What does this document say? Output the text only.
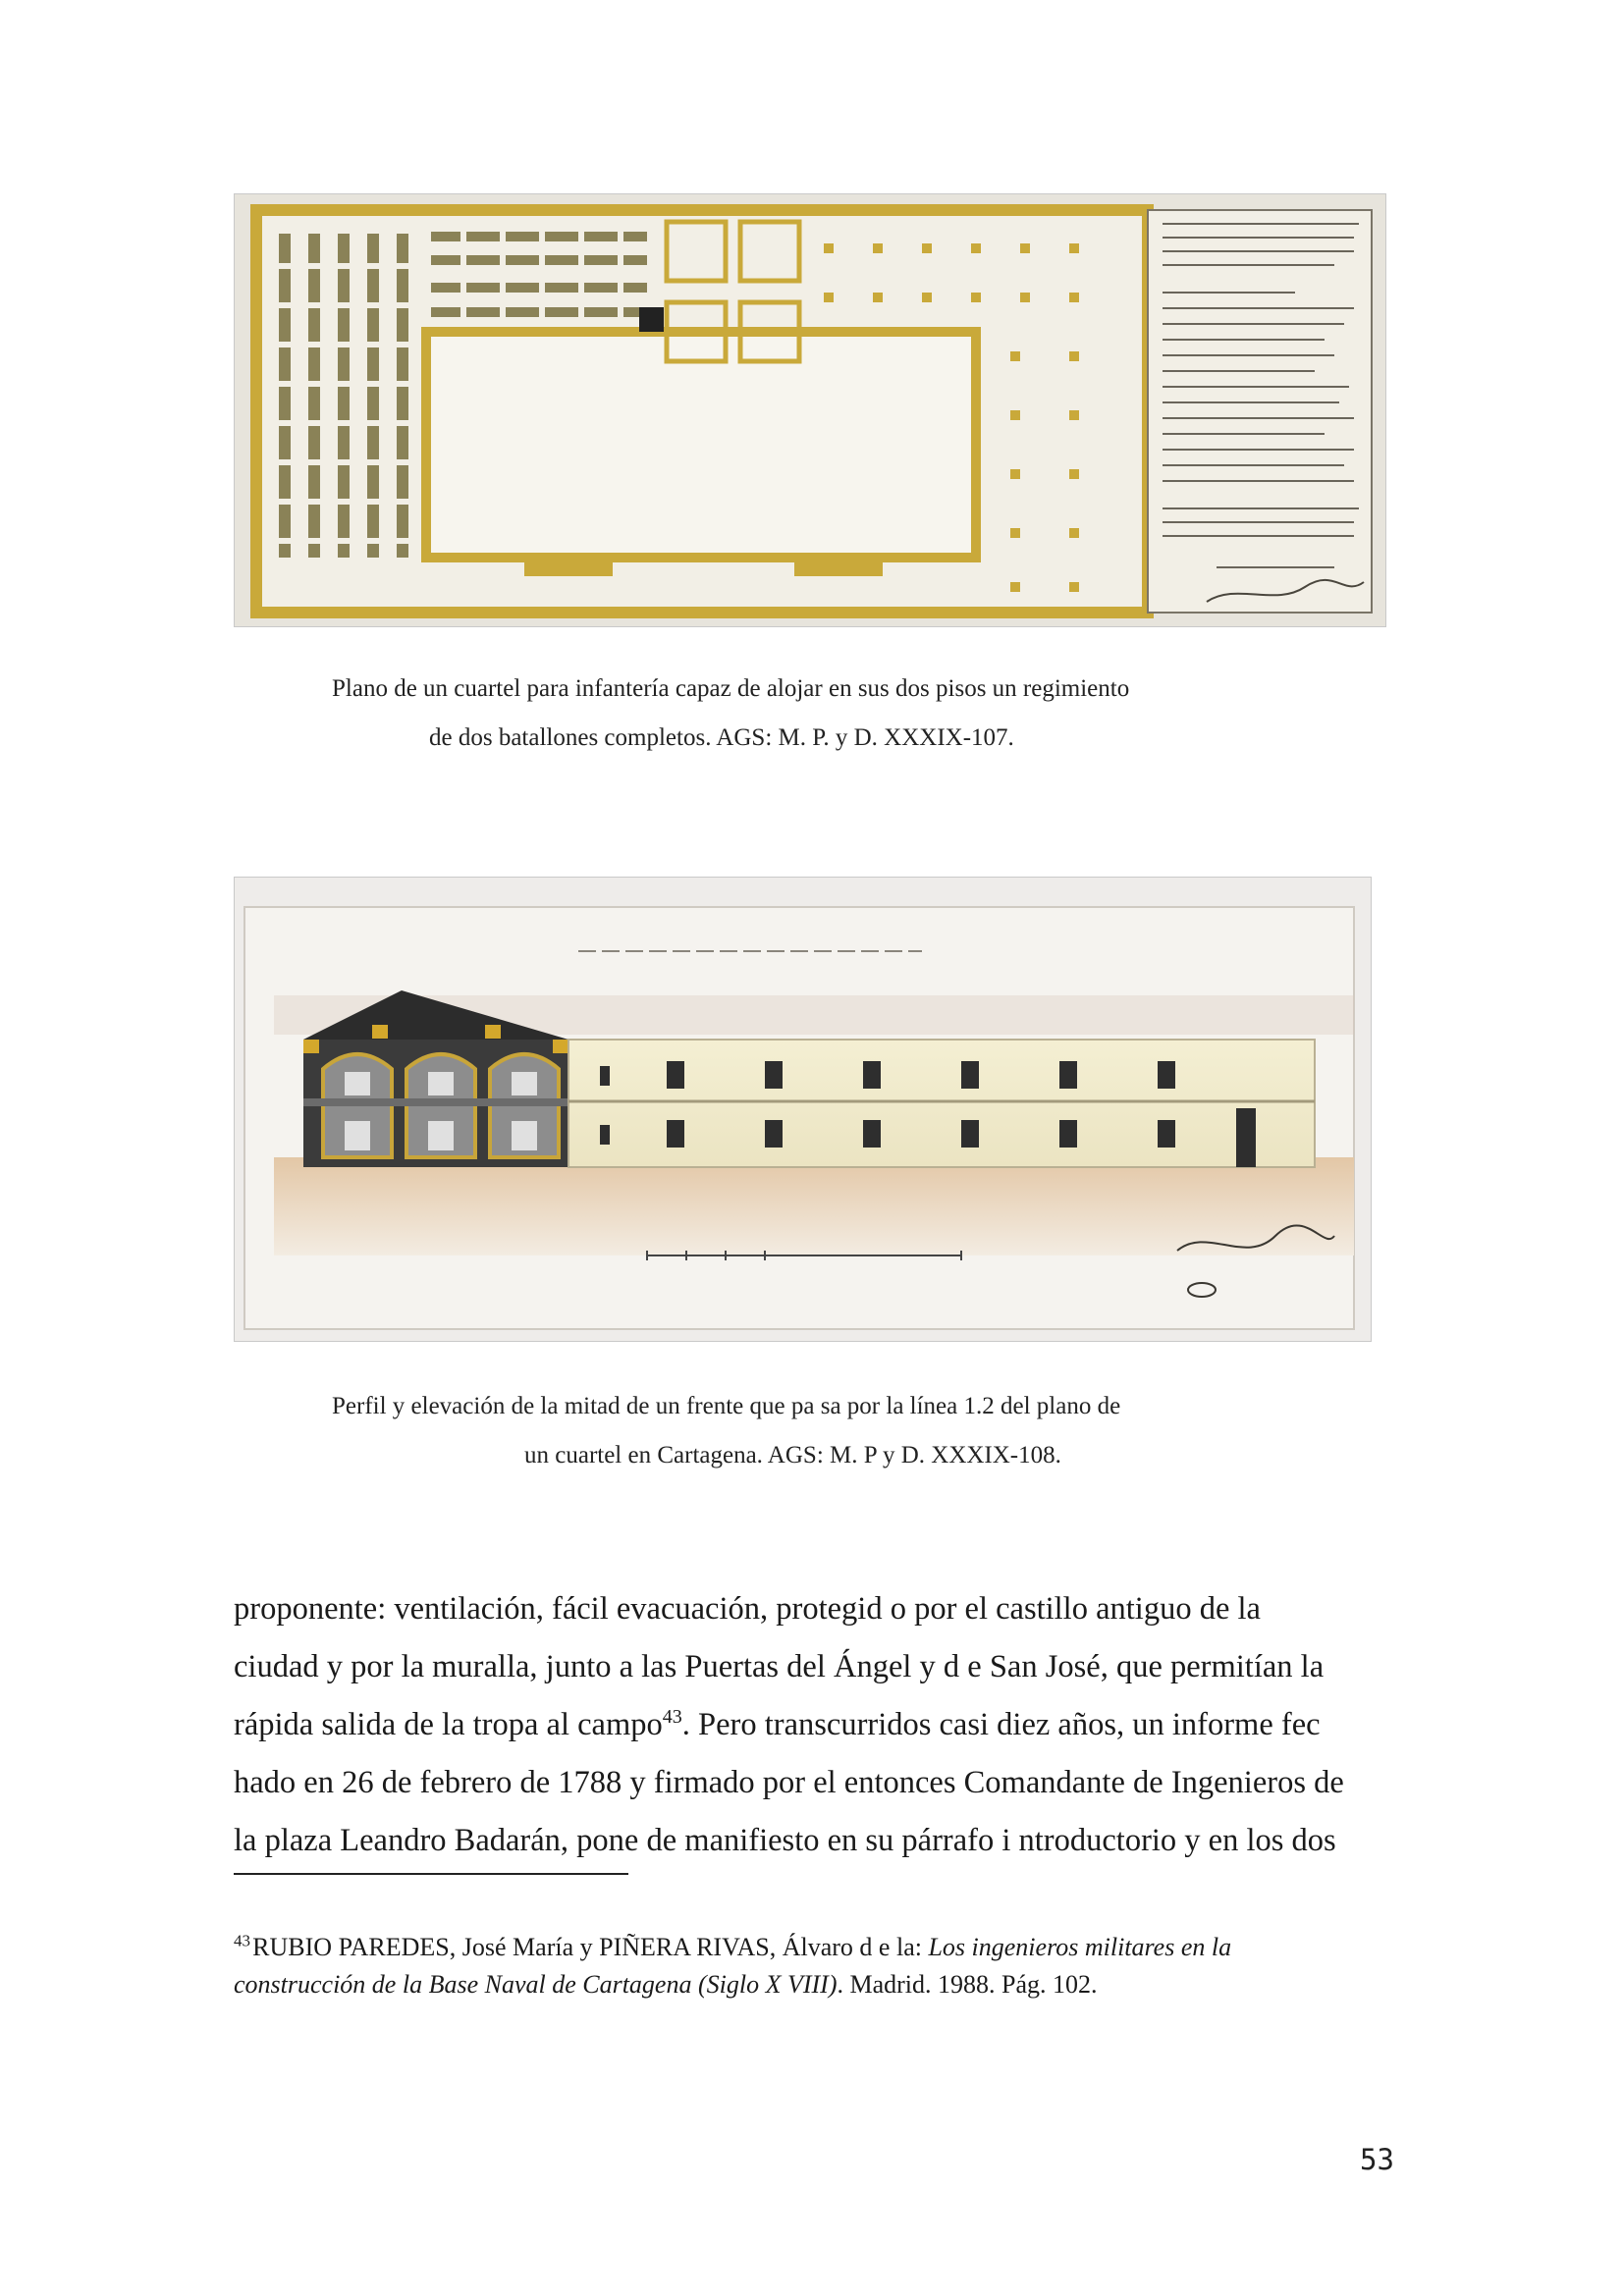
Plano de un cuartel para infantería capaz de alojar en sus dos pisos un regimiento
de dos batallones completos. AGS: M. P. y D. XXXIX-107.
Perfil y elevación de la mitad de un frente que pa sa por la línea 1.2 del plano de
un cuartel en Cartagena. AGS: M. P y D. XXXIX-108.
proponente: ventilación, fácil evacuación, protegid o por el castillo antiguo de la
ciudad y por la muralla, junto a las Puertas del Ángel y d e San José, que permitían la
rápida salida de la tropa al campo$^{43}$. Pero transcurridos casi diez años, un informe fec
hado en 26 de febrero de 1788 y firmado por el entonces Comandante de Ingenieros de
la plaza Leandro Badarán, pone de manifiesto en su párrafo i ntroductorio y en los dos
$^{43}$ RUBIO PAREDES, José María y PIÑERA RIVAS, Álvaro d e la: Los ingenieros militares en la
construcción de la Base Naval de Cartagena (Siglo X VIII). Madrid. 1988. Pág. 102.
53
